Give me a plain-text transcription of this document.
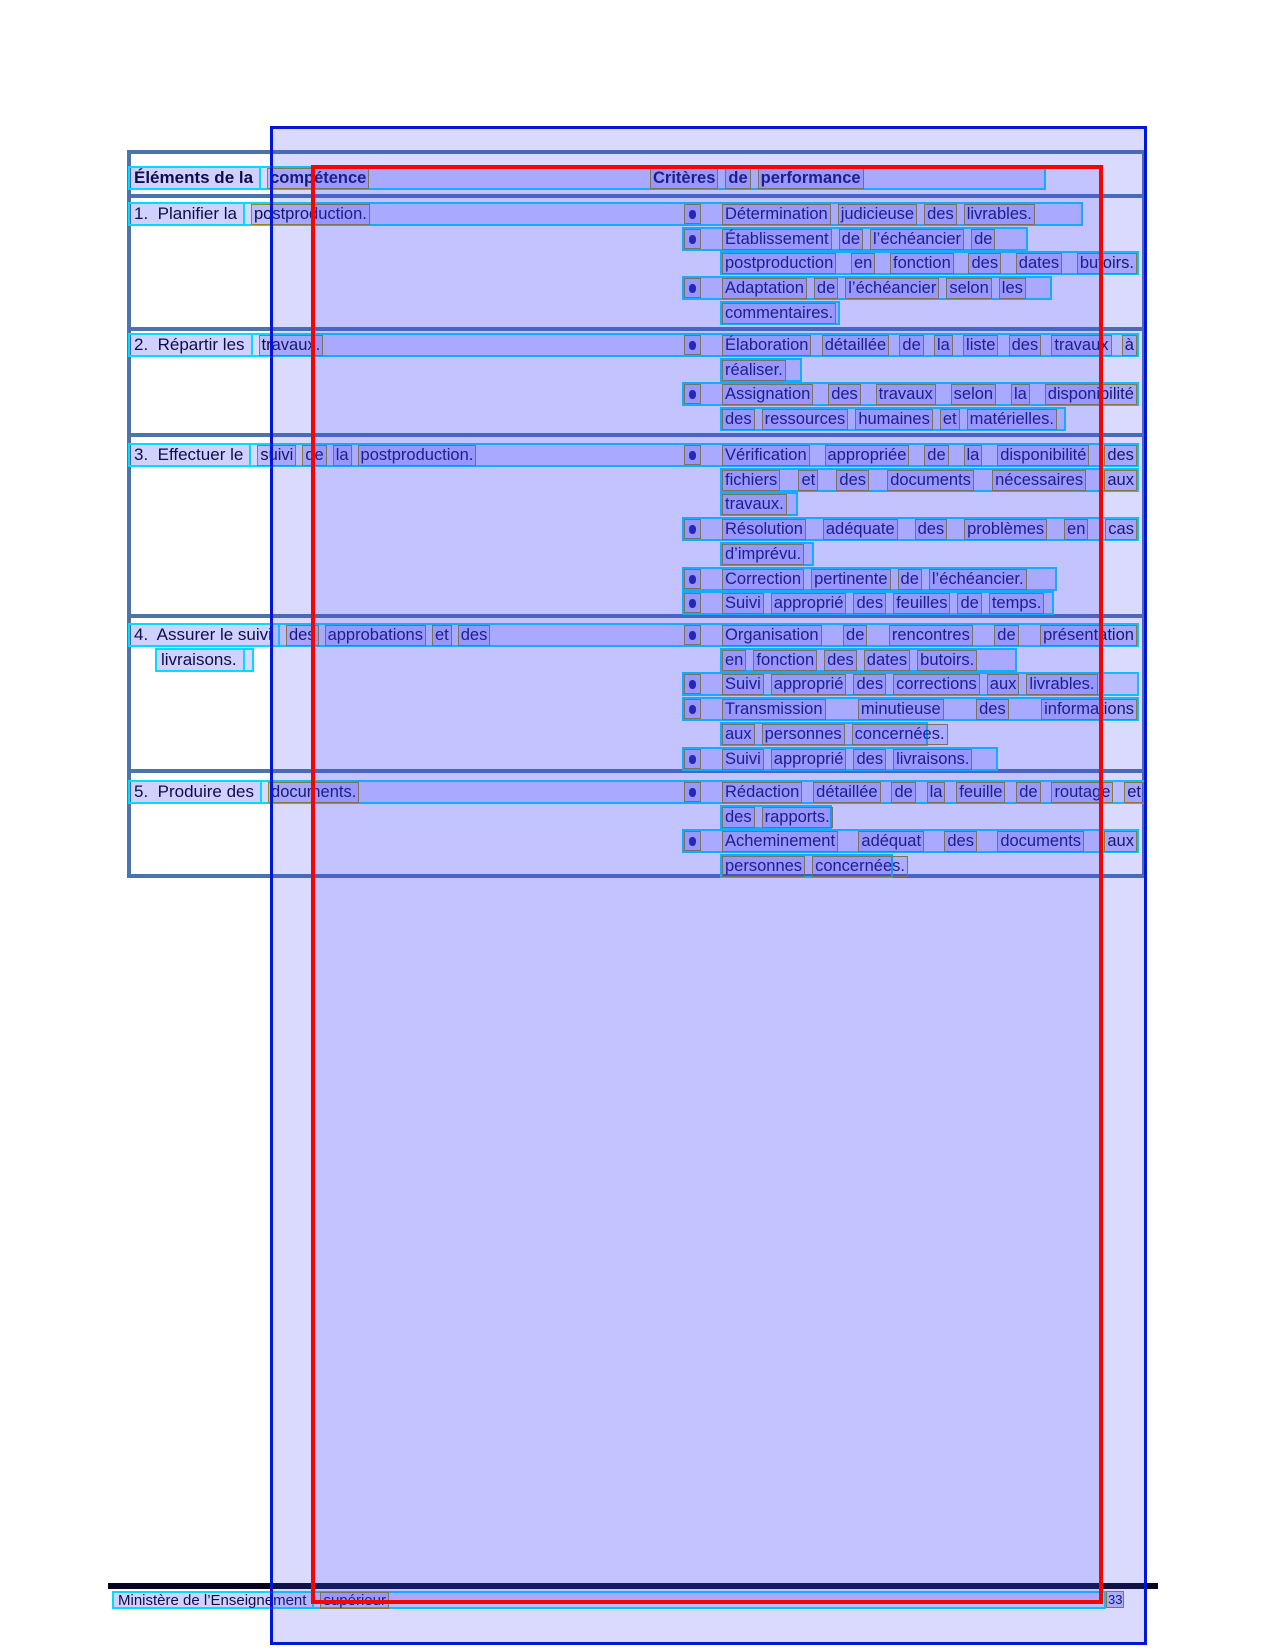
Éléments de la compétence	Critères de performance
1.  Planifier la postproduction.	Détermination judicieuse des livrables.
Établissement de l’échéancier de
postproduction en fonction des dates butoirs.
Adaptation de l’échéancier selon les
commentaires.
2.  Répartir les travaux.	Élaboration détaillée de la liste des travaux à
réaliser.
Assignation des travaux selon la disponibilité
des ressources humaines et matérielles.
3.  Effectuer le suivi de la postproduction.	Vérification appropriée de la disponibilité des
fichiers et des documents nécessaires aux
travaux.
Résolution adéquate des problèmes en cas
d’imprévu.
Correction pertinente de l’échéancier.
Suivi approprié des feuilles de temps.
4.  Assurer le suivi des approbations et des	Organisation de rencontres de présentation
livraisons.	en fonction des dates butoirs.
Suivi approprié des corrections aux livrables.
Transmission minutieuse des informations
aux personnes concernées.
Suivi approprié des livraisons.
5.  Produire des documents.	Rédaction détaillée de la feuille de routage et
des rapports.
Acheminement adéquat des documents aux
personnes concernées.
Ministère de l’Enseignement supérieur	33
